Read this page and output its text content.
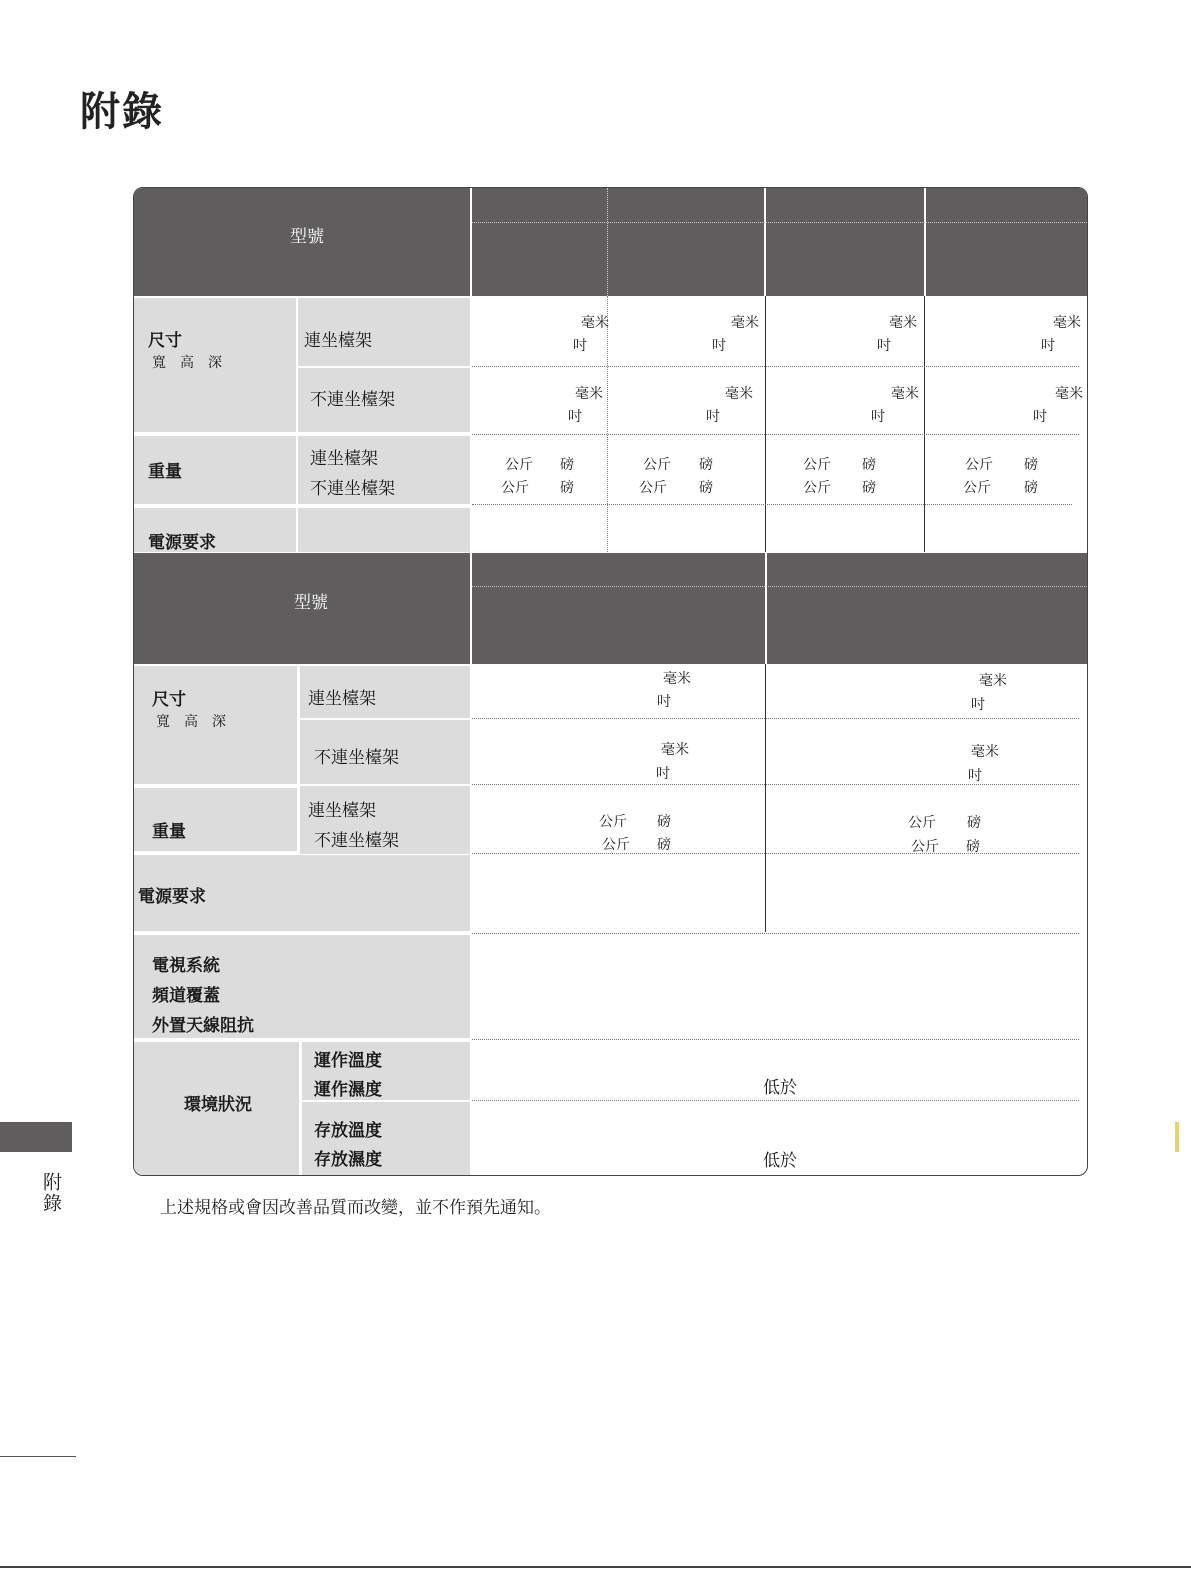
附錄
型號
尺寸
寬　高　深
連坐檯架
不連坐檯架
重量
連坐檯架
不連坐檯架
電源要求
毫米
吋
毫米
吋
毫米
吋
毫米
吋
毫米
吋
毫米
吋
毫米
吋
毫米
吋
公斤 磅
公斤 磅
公斤 磅
公斤 磅
公斤 磅
公斤 磅
公斤 磅
公斤 磅
型號
尺寸
寬　高　深
連坐檯架
不連坐檯架
重量
連坐檯架
不連坐檯架
電源要求
電視系統
頻道覆蓋
外置天線阻抗
環境狀況
運作溫度
運作濕度
存放溫度
存放濕度
毫米
吋
毫米
吋
毫米
吋
毫米
吋
公斤 磅
公斤 磅
公斤 磅
公斤 磅
低於
低於
上述規格或會因改善品質而改變，並不作預先通知。
附錄
